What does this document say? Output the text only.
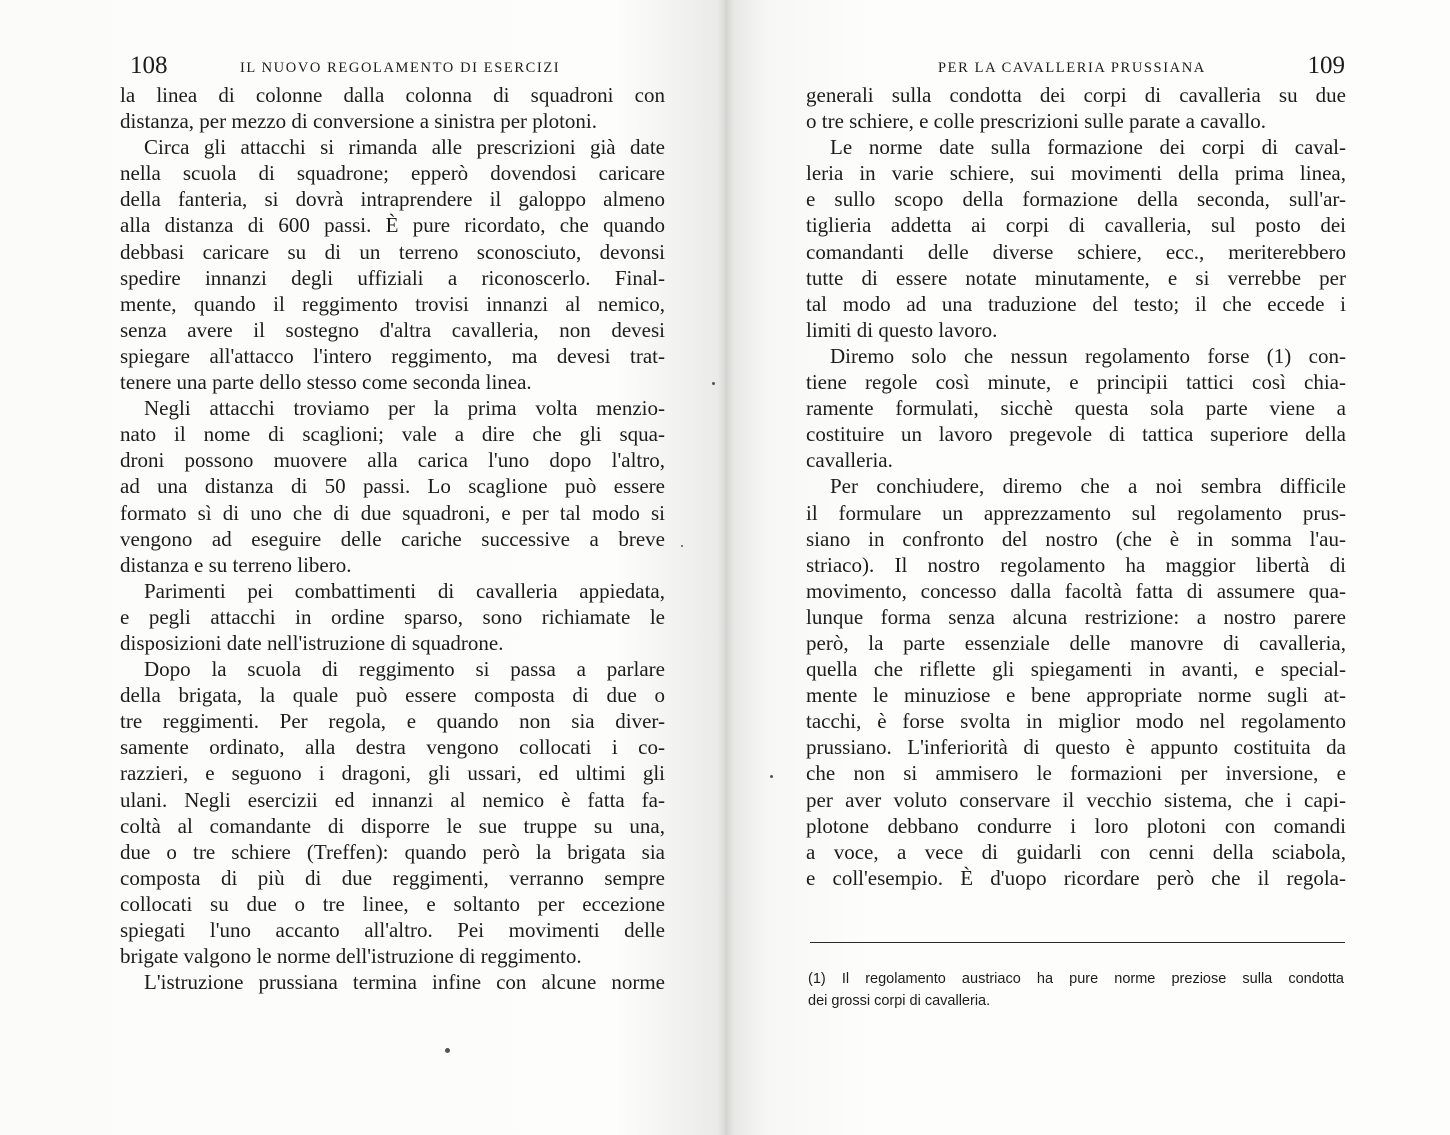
108	IL NUOVO REGOLAMENTO DI ESERCIZI	PER LA CAVALLERIA PRUSSIANA	109
la linea di colonne dalla colonna di squadroni con
distanza, per mezzo di conversione a sinistra per plotoni.
Circa gli attacchi si rimanda alle prescrizioni già date
nella scuola di squadrone; epperò dovendosi caricare
della fanteria, si dovrà intraprendere il galoppo almeno
alla distanza di 600 passi. È pure ricordato, che quando
debbasi caricare su di un terreno sconosciuto, devonsi
spedire innanzi degli uffiziali a riconoscerlo. Final-
mente, quando il reggimento trovisi innanzi al nemico,
senza avere il sostegno d'altra cavalleria, non devesi
spiegare all'attacco l'intero reggimento, ma devesi trat-
tenere una parte dello stesso come seconda linea.
Negli attacchi troviamo per la prima volta menzio-
nato il nome di scaglioni; vale a dire che gli squa-
droni possono muovere alla carica l'uno dopo l'altro,
ad una distanza di 50 passi. Lo scaglione può essere
formato sì di uno che di due squadroni, e per tal modo si
vengono ad eseguire delle cariche successive a breve
distanza e su terreno libero.
Parimenti pei combattimenti di cavalleria appiedata,
e pegli attacchi in ordine sparso, sono richiamate le
disposizioni date nell'istruzione di squadrone.
Dopo la scuola di reggimento si passa a parlare
della brigata, la quale può essere composta di due o
tre reggimenti. Per regola, e quando non sia diver-
samente ordinato, alla destra vengono collocati i co-
razzieri, e seguono i dragoni, gli ussari, ed ultimi gli
ulani. Negli esercizii ed innanzi al nemico è fatta fa-
coltà al comandante di disporre le sue truppe su una,
due o tre schiere (Treffen): quando però la brigata sia
composta di più di due reggimenti, verranno sempre
collocati su due o tre linee, e soltanto per eccezione
spiegati l'uno accanto all'altro. Pei movimenti delle
brigate valgono le norme dell'istruzione di reggimento.
L'istruzione prussiana termina infine con alcune norme
generali sulla condotta dei corpi di cavalleria su due
o tre schiere, e colle prescrizioni sulle parate a cavallo.
Le norme date sulla formazione dei corpi di caval-
leria in varie schiere, sui movimenti della prima linea,
e sullo scopo della formazione della seconda, sull'ar-
tiglieria addetta ai corpi di cavalleria, sul posto dei
comandanti delle diverse schiere, ecc., meriterebbero
tutte di essere notate minutamente, e si verrebbe per
tal modo ad una traduzione del testo; il che eccede i
limiti di questo lavoro.
Diremo solo che nessun regolamento forse (1) con-
tiene regole così minute, e principii tattici così chia-
ramente formulati, sicchè questa sola parte viene a
costituire un lavoro pregevole di tattica superiore della
cavalleria.
Per conchiudere, diremo che a noi sembra difficile
il formulare un apprezzamento sul regolamento prus-
siano in confronto del nostro (che è in somma l'au-
striaco). Il nostro regolamento ha maggior libertà di
movimento, concesso dalla facoltà fatta di assumere qua-
lunque forma senza alcuna restrizione: a nostro parere
però, la parte essenziale delle manovre di cavalleria,
quella che riflette gli spiegamenti in avanti, e special-
mente le minuziose e bene appropriate norme sugli at-
tacchi, è forse svolta in miglior modo nel regolamento
prussiano. L'inferiorità di questo è appunto costituita da
che non si ammisero le formazioni per inversione, e
per aver voluto conservare il vecchio sistema, che i capi-
plotone debbano condurre i loro plotoni con comandi
a voce, a vece di guidarli con cenni della sciabola,
e coll'esempio. È d'uopo ricordare però che il regola-
(1) Il regolamento austriaco ha pure norme preziose sulla condotta
dei grossi corpi di cavalleria.
